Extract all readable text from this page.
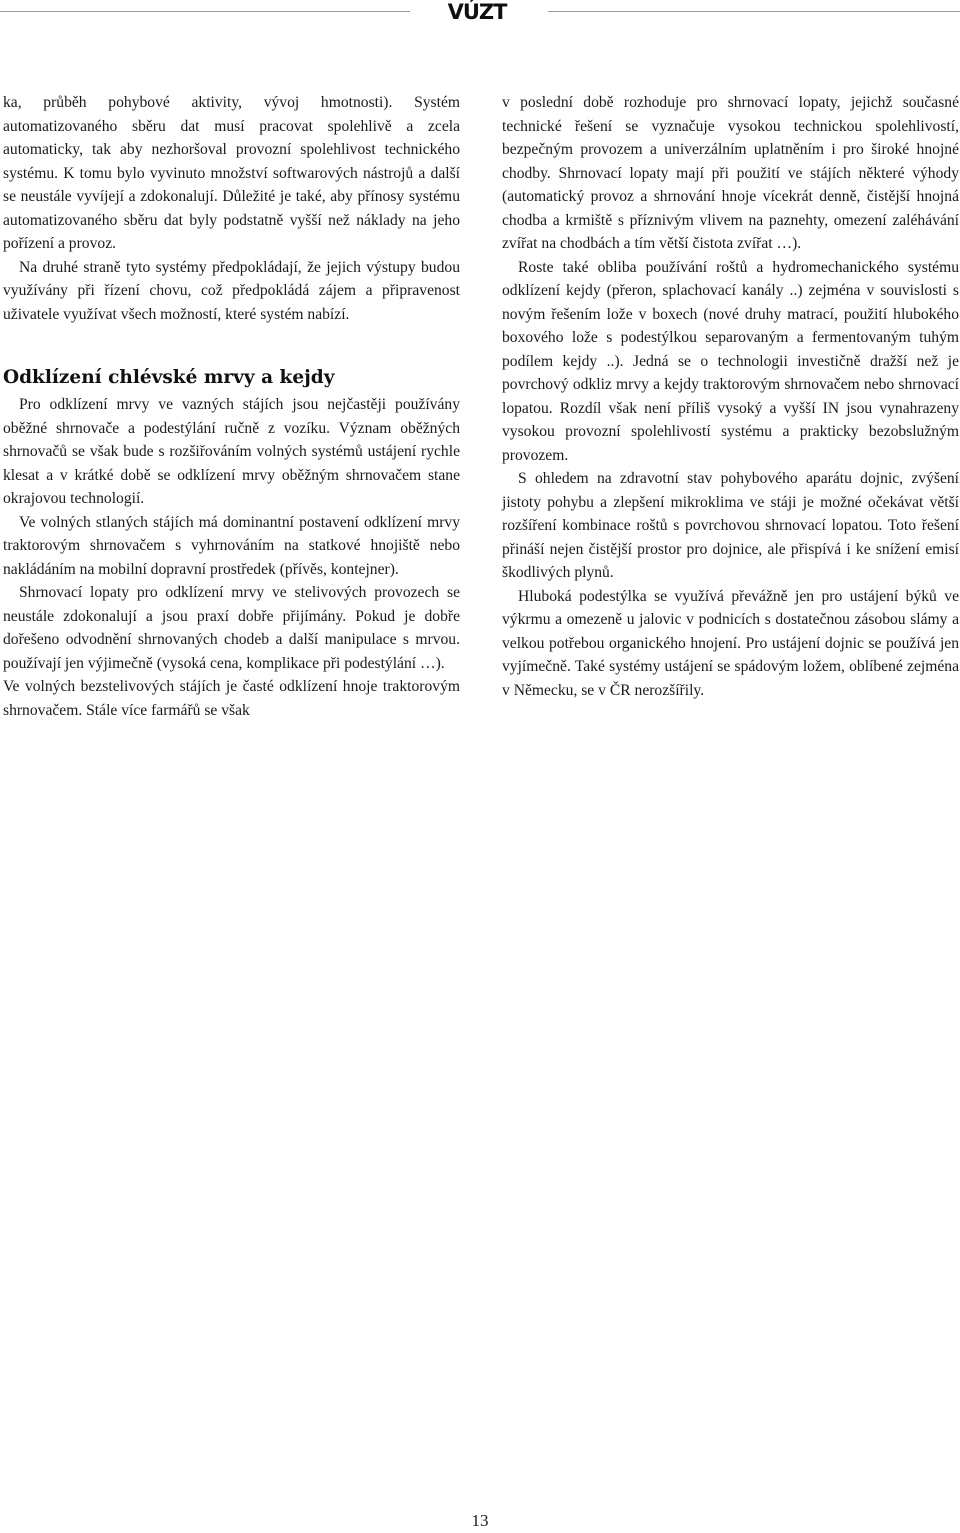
VÚZT

ka, průběh pohybové aktivity, vývoj hmotnosti). Systém automatizovaného sběru dat musí pracovat spolehlivě a zcela automaticky, tak aby nezhoršoval provozní spolehlivost technického systému. K tomu bylo vyvinuto množství softwarových nástrojů a další se neustále vyvíjejí a zdokonalují. Důležité je také, aby přínosy systému automatizovaného sběru dat byly podstatně vyšší než náklady na jeho pořízení a provoz.

Na druhé straně tyto systémy předpokládají, že jejich výstupy budou využívány při řízení chovu, což předpokládá zájem a připravenost uživatele využívat všech možností, které systém nabízí.

Odklízení chlévské mrvy a kejdy

Pro odklízení mrvy ve vazných stájích jsou nejčastěji používány oběžné shrnovače a podestýlání ručně z vozíku. Význam oběžných shrnovačů se však bude s rozšiřováním volných systémů ustájení rychle klesat a v krátké době se odklízení mrvy oběžným shrnovačem stane okrajovou technologií.

Ve volných stlaných stájích má dominantní postavení odklízení mrvy traktorovým shrnovačem s vyhrnováním na statkové hnojiště nebo nakládáním na mobilní dopravní prostředek (přívěs, kontejner).

Shrnovací lopaty pro odklízení mrvy ve stelivových provozech se neustále zdokonalují a jsou praxí dobře přijímány. Pokud je dobře dořešeno odvodnění shrnovaných chodeb a další manipulace s mrvou. používají jen výjimečně (vysoká cena, komplikace při podestýlání …).

Ve volných bezstelivových stájích je časté odklízení hnoje traktorovým shrnovačem. Stále více farmářů se však

v poslední době rozhoduje pro shrnovací lopaty, jejichž současné technické řešení se vyznačuje vysokou technickou spolehlivostí, bezpečným provozem a univerzálním uplatněním i pro široké hnojné chodby. Shrnovací lopaty mají při použití ve stájích některé výhody (automatický provoz a shrnování hnoje vícekrát denně, čistější hnojná chodba a krmiště s příznivým vlivem na paznehty, omezení zaléhávání zvířat na chodbách a tím větší čistota zvířat …).

Roste také obliba používání roštů a hydromechanického systému odklízení kejdy (přeron, splachovací kanály ..) zejména v souvislosti s novým řešením lože v boxech (nové druhy matrací, použití hlubokého boxového lože s podestýlkou separovaným a fermentovaným tuhým podílem kejdy ..). Jedná se o technologii investičně dražší než je povrchový odkliz mrvy a kejdy traktorovým shrnovačem nebo shrnovací lopatou. Rozdíl však není příliš vysoký a vyšší IN jsou vynahrazeny vysokou provozní spolehlivostí systému a prakticky bezobslužným provozem.

S ohledem na zdravotní stav pohybového aparátu dojnic, zvýšení jistoty pohybu a zlepšení mikroklima ve stáji je možné očekávat větší rozšíření kombinace roštů s povrchovou shrnovací lopatou. Toto řešení přináší nejen čistější prostor pro dojnice, ale přispívá i ke snížení emisí škodlivých plynů.

Hluboká podestýlka se využívá převážně jen pro ustájení býků ve výkrmu a omezeně u jalovic v podnicích s dostatečnou zásobou slámy a velkou potřebou organického hnojení. Pro ustájení dojnic se používá jen vyjímečně. Také systémy ustájení se spádovým ložem, oblíbené zejména v Německu, se v ČR nerozšířily.

13
